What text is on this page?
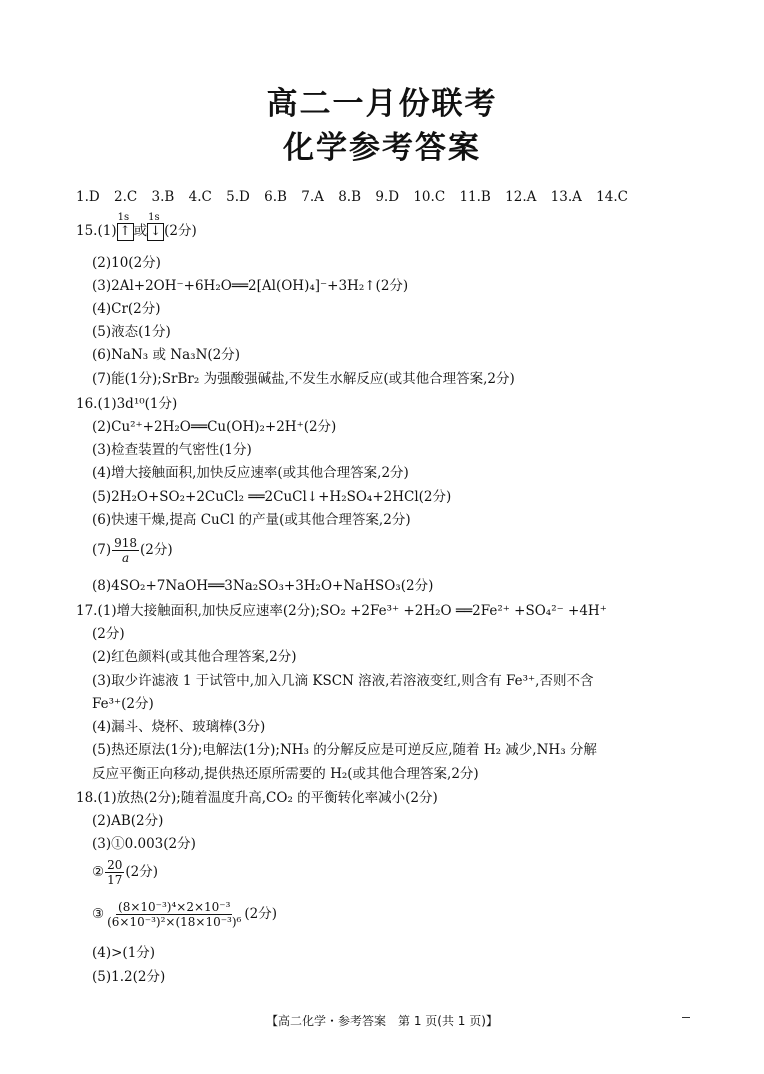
高二一月份联考
化学参考答案
1.D 2.C 3.B 4.C 5.D 6.B 7.A 8.B 9.D 10.C 11.B 12.A 13.A 14.C
15.(1)
1s
↑ 或
1s
↓ (2分)
(2)10(2分)
(3)2Al+2OH⁻+6H₂O══2[Al(OH)₄]⁻+3H₂↑(2分)
(4)Cr(2分)
(5)液态(1分)
(6)NaN₃ 或 Na₃N(2分)
(7)能(1分);SrBr₂ 为强酸强碱盐,不发生水解反应(或其他合理答案,2分)
16.(1)3d¹⁰(1分)
(2)Cu²⁺+2H₂O══Cu(OH)₂+2H⁺(2分)
(3)检查装置的气密性(1分)
(4)增大接触面积,加快反应速率(或其他合理答案,2分)
(5)2H₂O+SO₂+2CuCl₂ ══2CuCl↓+H₂SO₄+2HCl(2分)
(6)快速干燥,提高 CuCl 的产量(或其他合理答案,2分)
$(7) \frac{918}{a} (2$分)
(8)4SO₂+7NaOH══3Na₂SO₃+3H₂O+NaHSO₃(2分)
17.(1)增大接触面积,加快反应速率(2分);SO₂ +2Fe³⁺ +2H₂O ══2Fe²⁺ +SO₄²⁻ +4H⁺
(2分)
(2)红色颜料(或其他合理答案,2分)
(3)取少许滤液 1 于试管中,加入几滴 KSCN 溶液,若溶液变红,则含有 Fe³⁺,否则不含
Fe³⁺(2分)
(4)漏斗、烧杯、玻璃棒(3分)
(5)热还原法(1分);电解法(1分);NH₃ 的分解反应是可逆反应,随着 H₂ 减少,NH₃ 分解
反应平衡正向移动,提供热还原所需要的 H₂(或其他合理答案,2分)
18.(1)放热(2分);随着温度升高,CO₂ 的平衡转化率减小(2分)
(2)AB(2分)
(3)①0.003(2分)
② $\frac{20}{17} (2$分)
③ $\frac{\text{(8×10⁻³)⁴×2×10⁻³}}{\text{(6×10⁻³)²×(18×10⁻³)⁶}} (2$分)
(4)>(1分)
(5)1.2(2分)
【高二化学・参考答案　第 1 页(共 1 页)】
